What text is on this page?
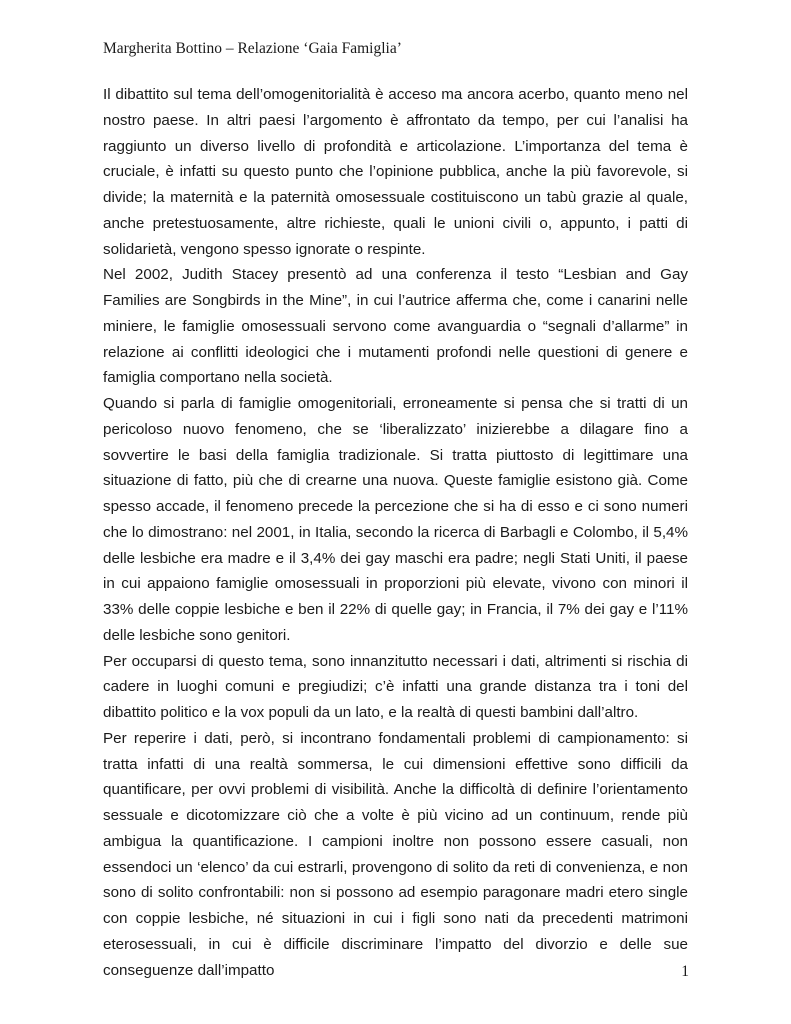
Margherita Bottino – Relazione ‘Gaia Famiglia’

Il dibattito sul tema dell’omogenitorialità è acceso ma ancora acerbo, quanto meno nel nostro paese. In altri paesi l’argomento è affrontato da tempo, per cui l’analisi ha raggiunto un diverso livello di profondità e articolazione. L’importanza del tema è cruciale, è infatti su questo punto che l’opinione pubblica, anche la più favorevole, si divide; la maternità e la paternità omosessuale costituiscono un tabù grazie al quale, anche pretestuosamente, altre richieste, quali le unioni civili o, appunto, i patti di solidarietà, vengono spesso ignorate o respinte.

Nel 2002, Judith Stacey presentò ad una conferenza il testo “Lesbian and Gay Families are Songbirds in the Mine”, in cui l’autrice afferma che, come i canarini nelle miniere, le famiglie omosessuali servono come avanguardia o “segnali d’allarme” in relazione ai conflitti ideologici che i mutamenti profondi nelle questioni di genere e famiglia comportano nella società.

Quando si parla di famiglie omogenitoriali, erroneamente si pensa che si tratti di un pericoloso nuovo fenomeno, che se ‘liberalizzato’ inizierebbe a dilagare fino a sovvertire le basi della famiglia tradizionale. Si tratta piuttosto di legittimare una situazione di fatto, più che di crearne una nuova. Queste famiglie esistono già. Come spesso accade, il fenomeno precede la percezione che si ha di esso e ci sono numeri che lo dimostrano: nel 2001, in Italia, secondo la ricerca di Barbagli e Colombo, il 5,4% delle lesbiche era madre e il 3,4% dei gay maschi era padre; negli Stati Uniti, il paese in cui appaiono famiglie omosessuali in proporzioni più elevate, vivono con minori il 33% delle coppie lesbiche e ben il 22% di quelle gay; in Francia, il 7% dei gay e l’11% delle lesbiche sono genitori.

Per occuparsi di questo tema, sono innanzitutto necessari i dati, altrimenti si rischia di cadere in luoghi comuni e pregiudizi; c’è infatti una grande distanza tra i toni del dibattito politico e la vox populi da un lato, e la realtà di questi bambini dall’altro.

Per reperire i dati, però, si incontrano fondamentali problemi di campionamento: si tratta infatti di una realtà sommersa, le cui dimensioni effettive sono difficili da quantificare, per ovvi problemi di visibilità. Anche la difficoltà di definire l’orientamento sessuale e dicotomizzare ciò che a volte è più vicino ad un continuum, rende più ambigua la quantificazione. I campioni inoltre non possono essere casuali, non essendoci un ‘elenco’ da cui estrarli, provengono di solito da reti di convenienza, e non sono di solito confrontabili: non si possono ad esempio paragonare madri etero single con coppie lesbiche, né situazioni in cui i figli sono nati da precedenti matrimoni eterosessuali, in cui è difficile discriminare l’impatto del divorzio e delle sue conseguenze dall’impatto	1
